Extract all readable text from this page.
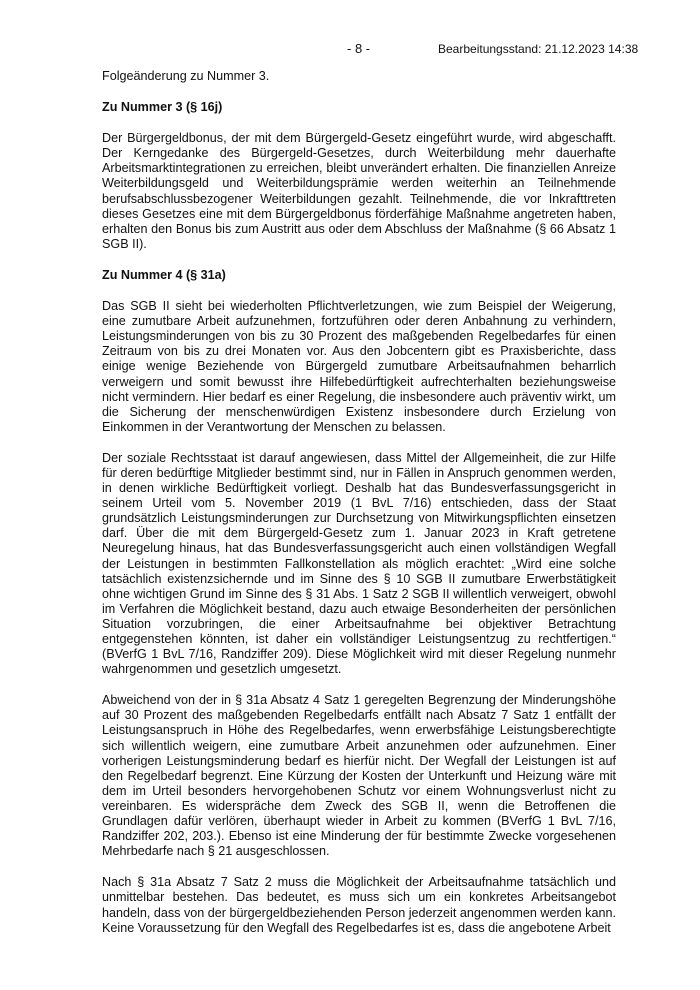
- 8 -	Bearbeitungsstand: 21.12.2023 14:38

Folgeänderung zu Nummer 3.

Zu Nummer 3 (§ 16j)

Der Bürgergeldbonus, der mit dem Bürgergeld-Gesetz eingeführt wurde, wird abgeschafft. Der Kerngedanke des Bürgergeld-Gesetzes, durch Weiterbildung mehr dauerhafte Arbeitsmarktintegrationen zu erreichen, bleibt unverändert erhalten. Die finanziellen Anreize Weiterbildungsgeld und Weiterbildungsprämie werden weiterhin an Teilnehmende berufsabschlussbezogener Weiterbildungen gezahlt. Teilnehmende, die vor Inkrafttreten dieses Gesetzes eine mit dem Bürgergeldbonus förderfähige Maßnahme angetreten haben, erhalten den Bonus bis zum Austritt aus oder dem Abschluss der Maßnahme (§ 66 Absatz 1 SGB II).

Zu Nummer 4 (§ 31a)

Das SGB II sieht bei wiederholten Pflichtverletzungen, wie zum Beispiel der Weigerung, eine zumutbare Arbeit aufzunehmen, fortzuführen oder deren Anbahnung zu verhindern, Leistungsminderungen von bis zu 30 Prozent des maßgebenden Regelbedarfes für einen Zeitraum von bis zu drei Monaten vor. Aus den Jobcentern gibt es Praxisberichte, dass einige wenige Beziehende von Bürgergeld zumutbare Arbeitsaufnahmen beharrlich verweigern und somit bewusst ihre Hilfebedürftigkeit aufrechterhalten beziehungsweise nicht vermindern. Hier bedarf es einer Regelung, die insbesondere auch präventiv wirkt, um die Sicherung der menschenwürdigen Existenz insbesondere durch Erzielung von Einkommen in der Verantwortung der Menschen zu belassen.

Der soziale Rechtsstaat ist darauf angewiesen, dass Mittel der Allgemeinheit, die zur Hilfe für deren bedürftige Mitglieder bestimmt sind, nur in Fällen in Anspruch genommen werden, in denen wirkliche Bedürftigkeit vorliegt. Deshalb hat das Bundesverfassungsgericht in seinem Urteil vom 5. November 2019 (1 BvL 7/16) entschieden, dass der Staat grundsätzlich Leistungsminderungen zur Durchsetzung von Mitwirkungspflichten einsetzen darf. Über die mit dem Bürgergeld-Gesetz zum 1. Januar 2023 in Kraft getretene Neuregelung hinaus, hat das Bundesverfassungsgericht auch einen vollständigen Wegfall der Leistungen in bestimmten Fallkonstellation als möglich erachtet: „Wird eine solche tatsächlich existenzsichernde und im Sinne des § 10 SGB II zumutbare Erwerbstätigkeit ohne wichtigen Grund im Sinne des § 31 Abs. 1 Satz 2 SGB II willentlich verweigert, obwohl im Verfahren die Möglichkeit bestand, dazu auch etwaige Besonderheiten der persönlichen Situation vorzubringen, die einer Arbeitsaufnahme bei objektiver Betrachtung entgegenstehen könnten, ist daher ein vollständiger Leistungsentzug zu rechtfertigen.“ (BVerfG 1 BvL 7/16, Randziffer 209). Diese Möglichkeit wird mit dieser Regelung nunmehr wahrgenommen und gesetzlich umgesetzt.

Abweichend von der in § 31a Absatz 4 Satz 1 geregelten Begrenzung der Minderungshöhe auf 30 Prozent des maßgebenden Regelbedarfs entfällt nach Absatz 7 Satz 1 entfällt der Leistungsanspruch in Höhe des Regelbedarfes, wenn erwerbsfähige Leistungsberechtigte sich willentlich weigern, eine zumutbare Arbeit anzunehmen oder aufzunehmen. Einer vorherigen Leistungsminderung bedarf es hierfür nicht. Der Wegfall der Leistungen ist auf den Regelbedarf begrenzt. Eine Kürzung der Kosten der Unterkunft und Heizung wäre mit dem im Urteil besonders hervorgehobenen Schutz vor einem Wohnungsverlust nicht zu vereinbaren. Es widerspräche dem Zweck des SGB II, wenn die Betroffenen die Grundlagen dafür verlören, überhaupt wieder in Arbeit zu kommen (BVerfG 1 BvL 7/16, Randziffer 202, 203.). Ebenso ist eine Minderung der für bestimmte Zwecke vorgesehenen Mehrbedarfe nach § 21 ausgeschlossen.

Nach § 31a Absatz 7 Satz 2 muss die Möglichkeit der Arbeitsaufnahme tatsächlich und unmittelbar bestehen. Das bedeutet, es muss sich um ein konkretes Arbeitsangebot handeln, dass von der bürgergeldbeziehenden Person jederzeit angenommen werden kann. Keine Voraussetzung für den Wegfall des Regelbedarfes ist es, dass die angebotene Arbeit
